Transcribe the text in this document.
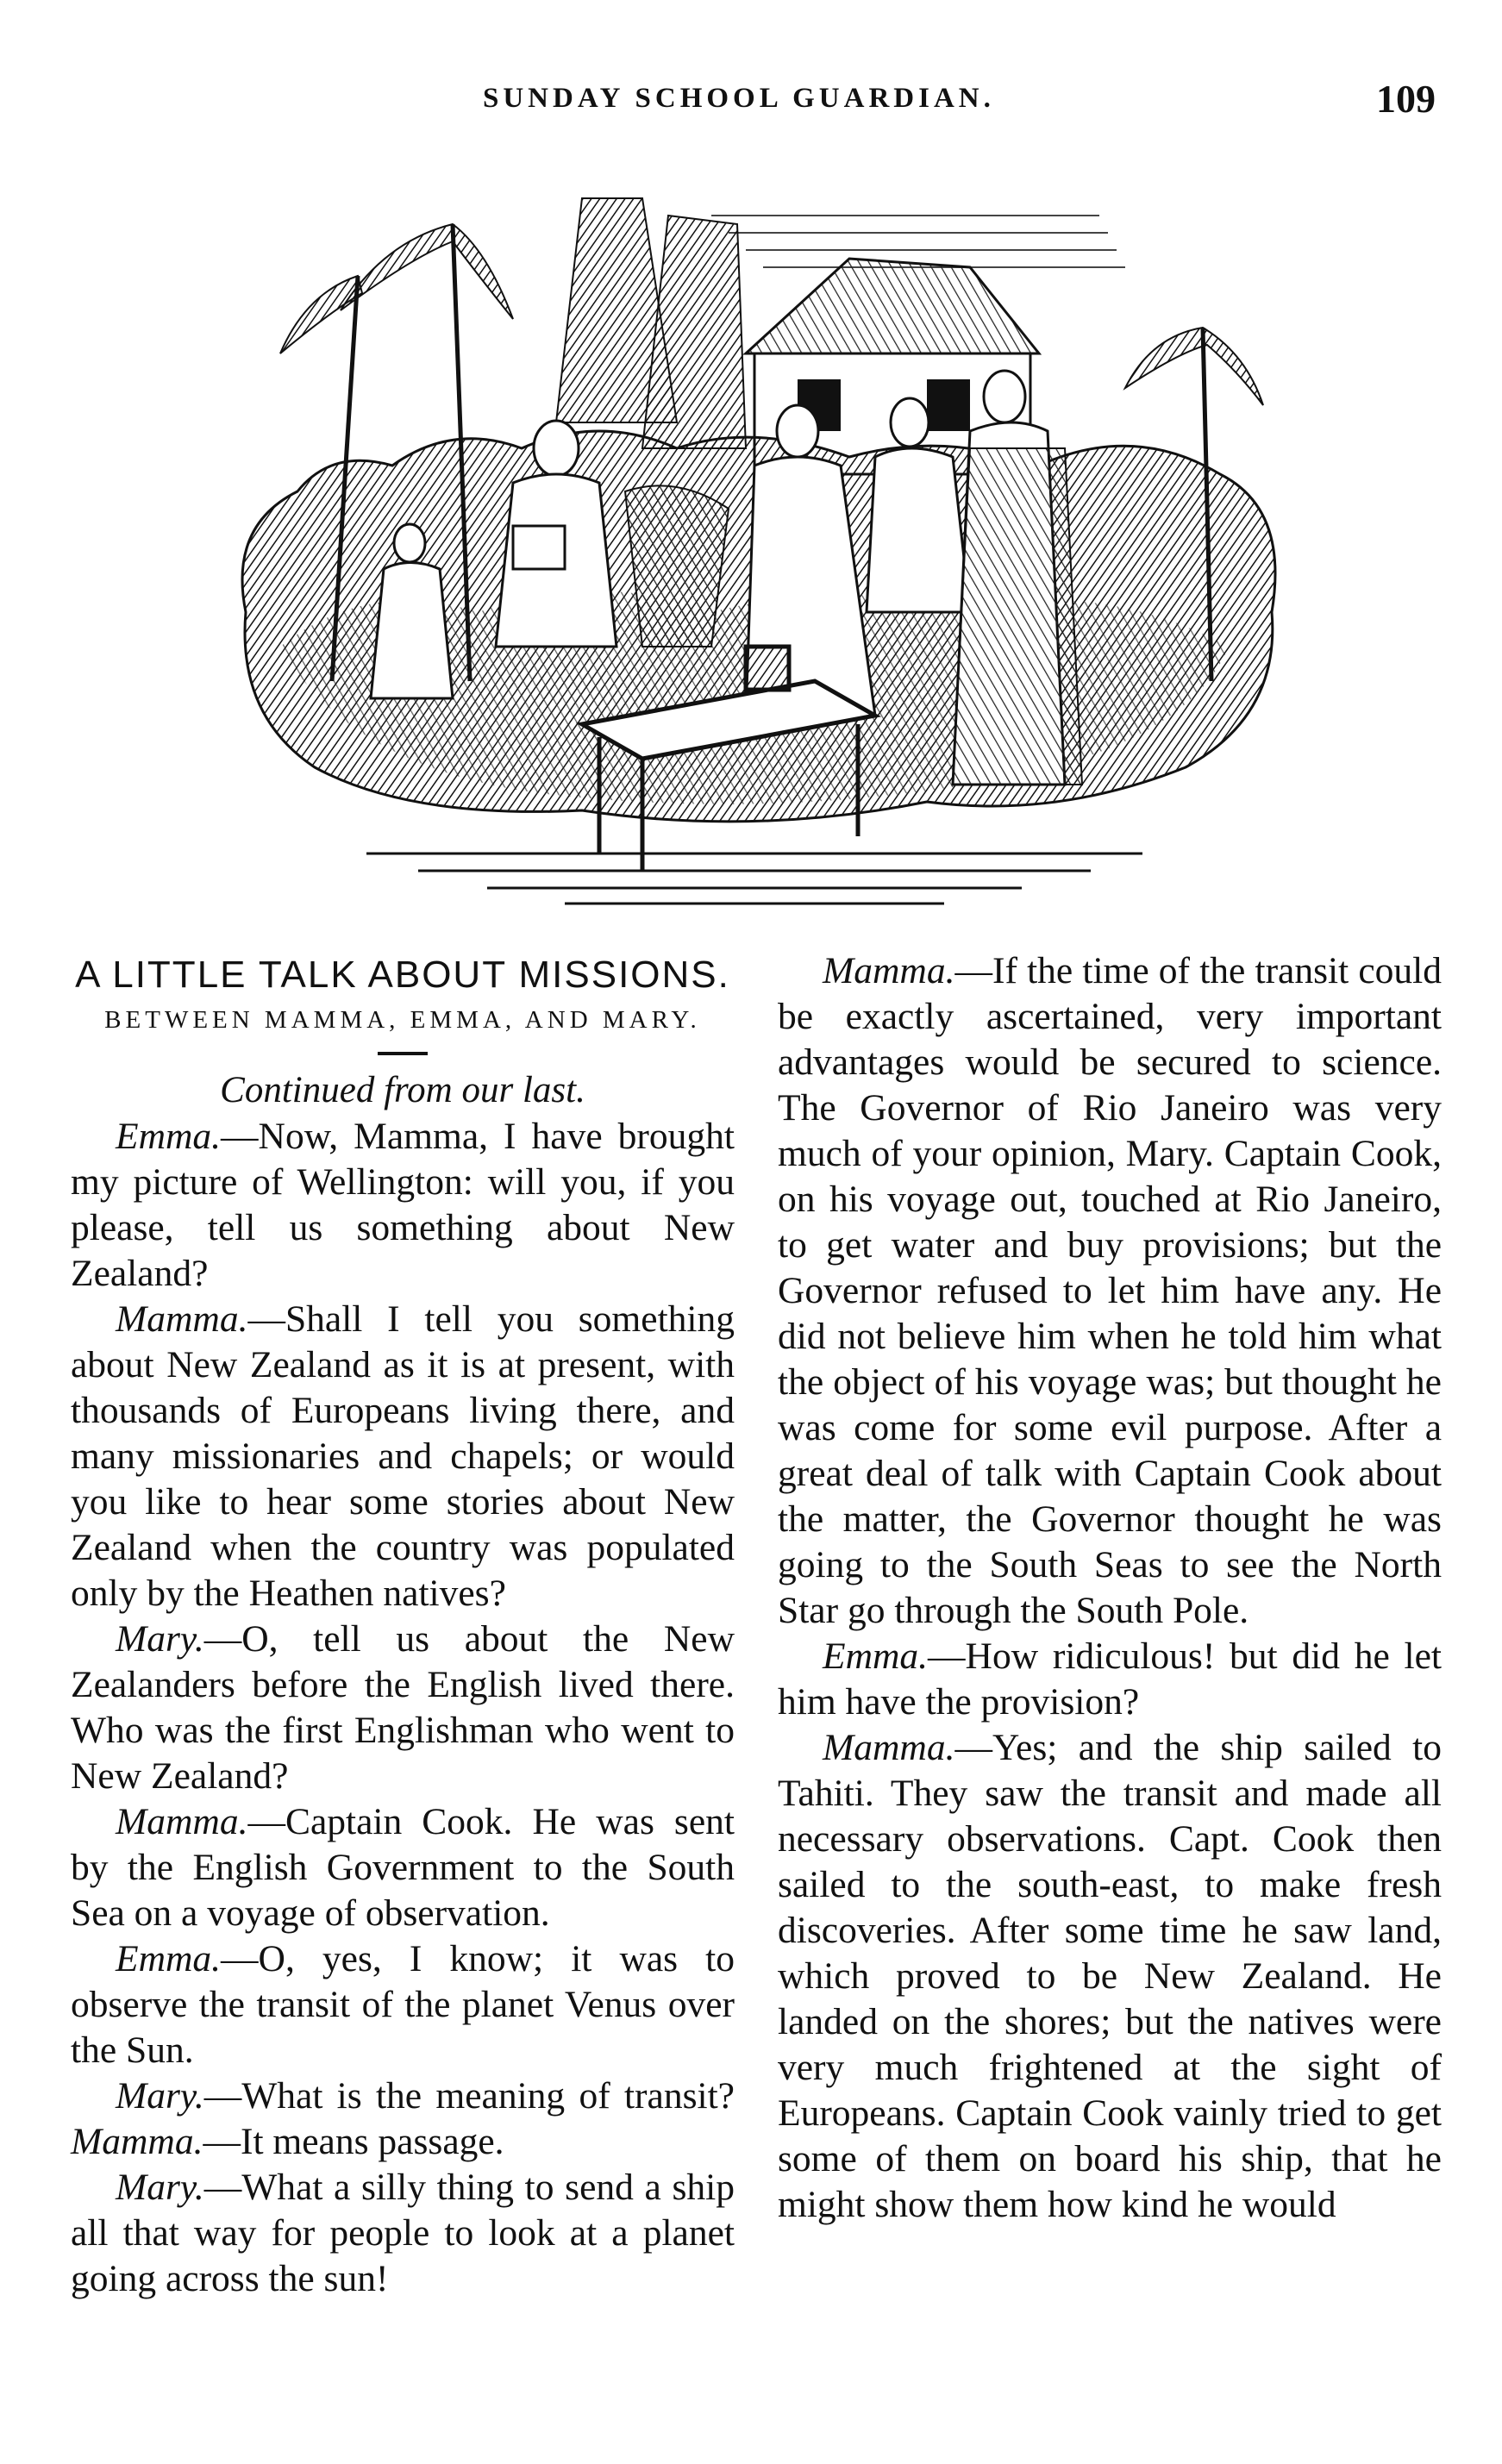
SUNDAY SCHOOL GUARDIAN.	109

A LITTLE TALK ABOUT MISSIONS.

BETWEEN MAMMA, EMMA, AND MARY.

Continued from our last.

Emma.—Now, Mamma, I have brought my picture of Wellington: will you, if you please, tell us something about New Zealand?

Mamma.—Shall I tell you something about New Zealand as it is at present, with thousands of Europeans living there, and many missionaries and chapels; or would you like to hear some stories about New Zealand when the country was populated only by the Heathen natives?

Mary.—O, tell us about the New Zealanders before the English lived there. Who was the first Englishman who went to New Zealand?

Mamma.—Captain Cook. He was sent by the English Government to the South Sea on a voyage of observation.

Emma.—O, yes, I know; it was to observe the transit of the planet Venus over the Sun.

Mary.—What is the meaning of transit? Mamma.—It means passage.

Mary.—What a silly thing to send a ship all that way for people to look at a planet going across the sun!

Mamma.—If the time of the transit could be exactly ascertained, very important advantages would be secured to science. The Governor of Rio Janeiro was very much of your opinion, Mary. Captain Cook, on his voyage out, touched at Rio Janeiro, to get water and buy provisions; but the Governor refused to let him have any. He did not believe him when he told him what the object of his voyage was; but thought he was come for some evil purpose. After a great deal of talk with Captain Cook about the matter, the Governor thought he was going to the South Seas to see the North Star go through the South Pole.

Emma.—How ridiculous! but did he let him have the provision?

Mamma.—Yes; and the ship sailed to Tahiti. They saw the transit and made all necessary observations. Capt. Cook then sailed to the south-east, to make fresh discoveries. After some time he saw land, which proved to be New Zealand. He landed on the shores; but the natives were very much frightened at the sight of Europeans. Captain Cook vainly tried to get some of them on board his ship, that he might show them how kind he would
